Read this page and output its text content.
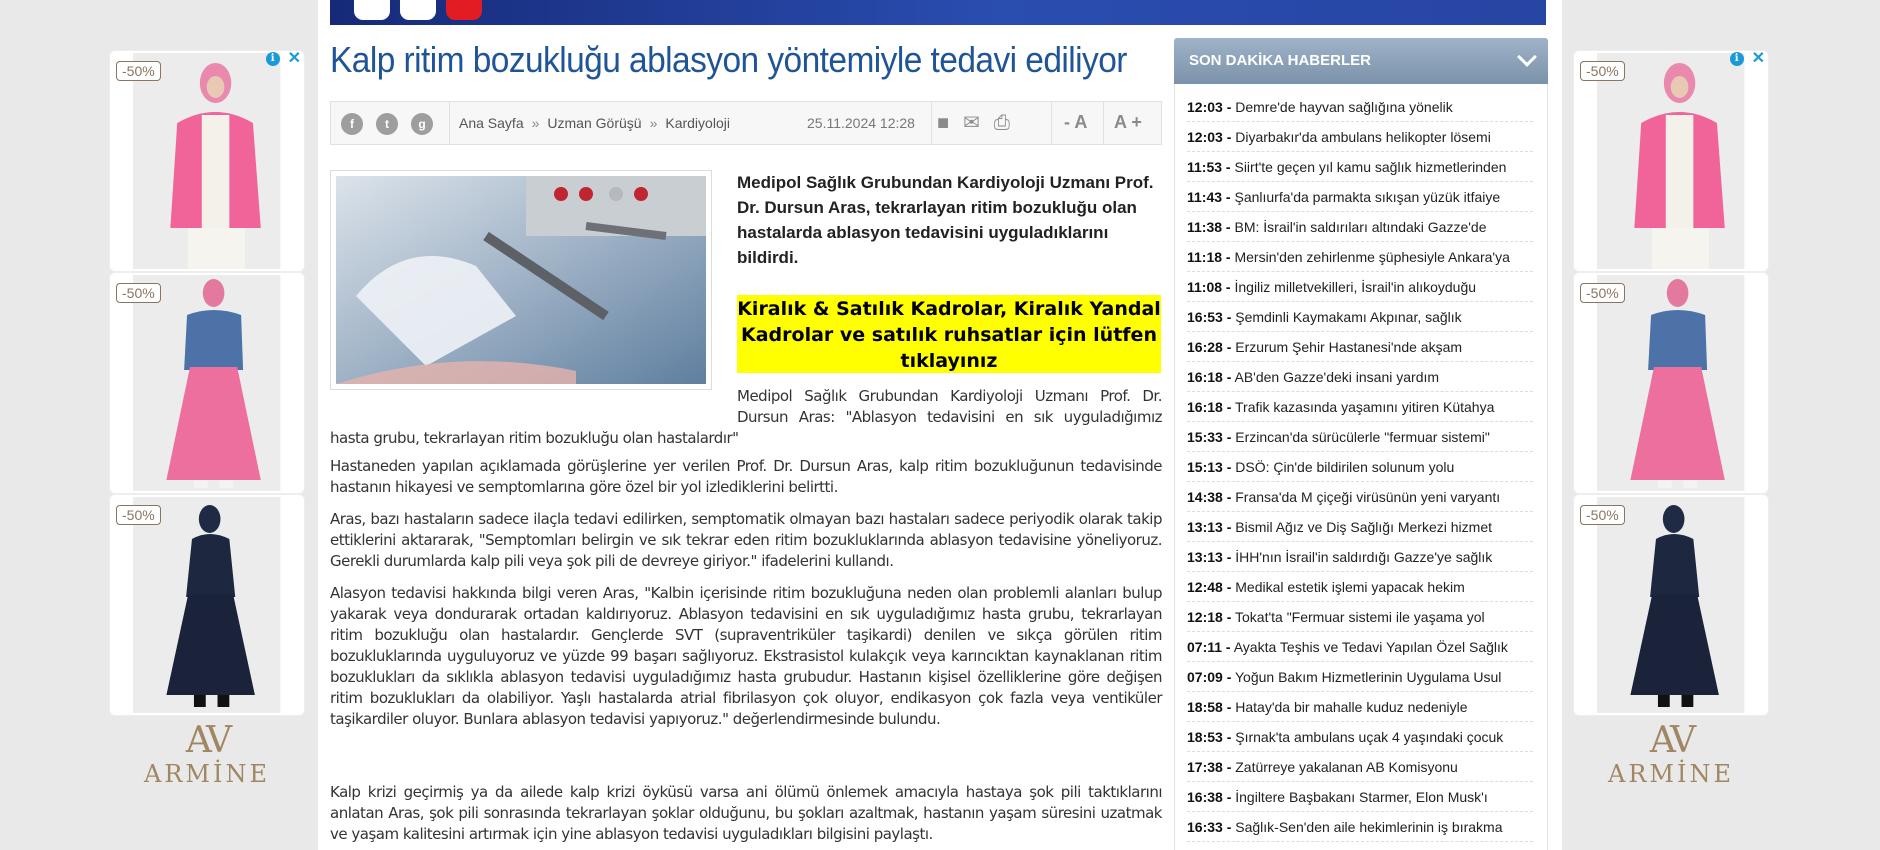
i ✕
-50%
-50%
-50%
AV
ARMİNE
i ✕
-50%
-50%
-50%
AV
ARMİNE
Kalp ritim bozukluğu ablasyon yöntemiyle tedavi ediliyor
f	t	g	Ana Sayfa » Uzman Görüşü » Kardiyoloji	25.11.2024 12:28 ■ ✉ ⎙	- A A +

Medipol Sağlık Grubundan Kardiyoloji Uzmanı Prof. Dr. Dursun Aras, tekrarlayan ritim bozukluğu olan hastalarda ablasyon tedavisini uyguladıklarını bildirdi.

Kiralık & Satılık Kadrolar, Kiralık Yandal Kadrolar ve satılık ruhsatlar için lütfen tıklayınız

Medipol Sağlık Grubundan Kardiyoloji Uzmanı Prof. Dr. Dursun Aras: "Ablasyon tedavisini en sık uyguladığımız hasta grubu, tekrarlayan ritim bozukluğu olan hastalardır"

Hastaneden yapılan açıklamada görüşlerine yer verilen Prof. Dr. Dursun Aras, kalp ritim bozukluğunun tedavisinde hastanın hikayesi ve semptomlarına göre özel bir yol izlediklerini belirtti.

Aras, bazı hastaların sadece ilaçla tedavi edilirken, semptomatik olmayan bazı hastaları sadece periyodik olarak takip ettiklerini aktararak, "Semptomları belirgin ve sık tekrar eden ritim bozukluklarında ablasyon tedavisine yöneliyoruz. Gerekli durumlarda kalp pili veya şok pili de devreye giriyor." ifadelerini kullandı.

Alasyon tedavisi hakkında bilgi veren Aras, "Kalbin içerisinde ritim bozukluğuna neden olan problemli alanları bulup yakarak veya dondurarak ortadan kaldırıyoruz. Ablasyon tedavisini en sık uyguladığımız hasta grubu, tekrarlayan ritim bozukluğu olan hastalardır. Gençlerde SVT (supraventriküler taşikardi) denilen ve sıkça görülen ritim bozukluklarında uyguluyoruz ve yüzde 99 başarı sağlıyoruz. Ekstrasistol kulakçık veya karıncıktan kaynaklanan ritim bozuklukları da sıklıkla ablasyon tedavisi uyguladığımız hasta grubudur. Hastanın kişisel özelliklerine göre değişen ritim bozuklukları da olabiliyor. Yaşlı hastalarda atrial fibrilasyon çok oluyor, endikasyon çok fazla veya ventiküler taşikardiler oluyor. Bunlara ablasyon tedavisi yapıyoruz." değerlendirmesinde bulundu.

Kalp krizi geçirmiş ya da ailede kalp krizi öyküsü varsa ani ölümü önlemek amacıyla hastaya şok pili taktıklarını anlatan Aras, şok pili sonrasında tekrarlayan şoklar olduğunu, bu şokları azaltmak, hastanın yaşam süresini uzatmak ve yaşam kalitesini artırmak için yine ablasyon tedavisi uyguladıkları bilgisini paylaştı.

SON DAKİKA HABERLER
12:03 - Demre'de hayvan sağlığına yönelik
12:03 - Diyarbakır'da ambulans helikopter lösemi
11:53 - Siirt'te geçen yıl kamu sağlık hizmetlerinden
11:43 - Şanlıurfa'da parmakta sıkışan yüzük itfaiye
11:38 - BM: İsrail'in saldırıları altındaki Gazze'de
11:18 - Mersin'den zehirlenme şüphesiyle Ankara'ya
11:08 - İngiliz milletvekilleri, İsrail'in alıkoyduğu
16:53 - Şemdinli Kaymakamı Akpınar, sağlık
16:28 - Erzurum Şehir Hastanesi'nde akşam
16:18 - AB'den Gazze'deki insani yardım
16:18 - Trafik kazasında yaşamını yitiren Kütahya
15:33 - Erzincan'da sürücülerle "fermuar sistemi"
15:13 - DSÖ: Çin'de bildirilen solunum yolu
14:38 - Fransa'da M çiçeği virüsünün yeni varyantı
13:13 - Bismil Ağız ve Diş Sağlığı Merkezi hizmet
13:13 - İHH'nın İsrail'in saldırdığı Gazze'ye sağlık
12:48 - Medikal estetik işlemi yapacak hekim
12:18 - Tokat'ta "Fermuar sistemi ile yaşama yol
07:11 - Ayakta Teşhis ve Tedavi Yapılan Özel Sağlık
07:09 - Yoğun Bakım Hizmetlerinin Uygulama Usul
18:58 - Hatay'da bir mahalle kuduz nedeniyle
18:53 - Şırnak'ta ambulans uçak 4 yaşındaki çocuk
17:38 - Zatürreye yakalanan AB Komisyonu
16:38 - İngiltere Başbakanı Starmer, Elon Musk'ı
16:33 - Sağlık-Sen'den aile hekimlerinin iş bırakma
